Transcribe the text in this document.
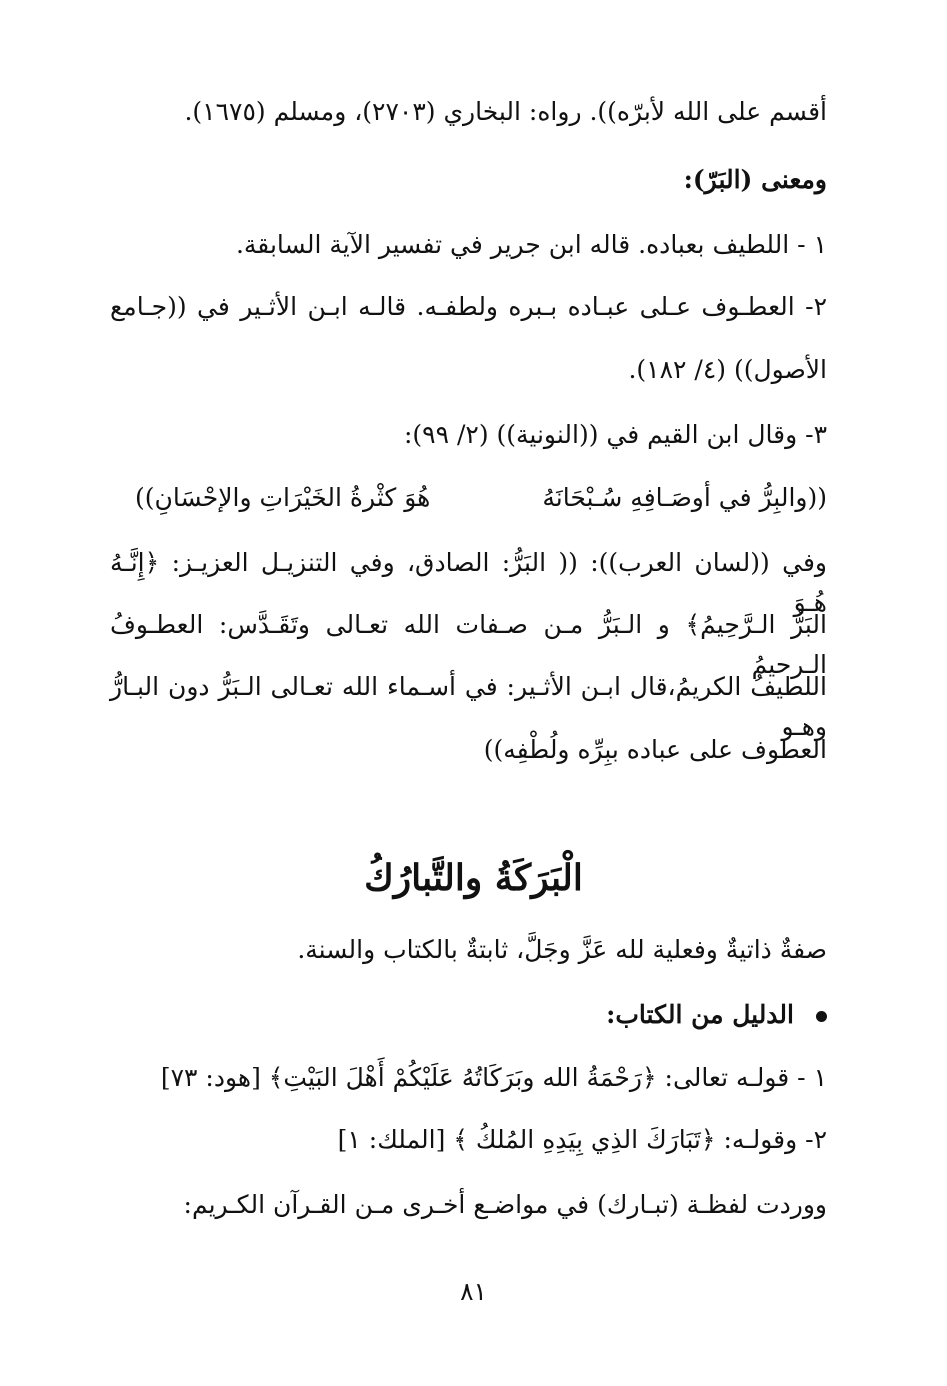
أقسم على الله لأبرّه)). رواه: البخاري (٢٧٠٣)، ومسلم (١٦٧٥).
ومعنى (البَرّ):
١ - اللطيف بعباده. قاله ابن جرير في تفسير الآية السابقة.
٢- العطـوف عـلى عبـاده بـبره ولطفـه. قالـه ابـن الأثـير في ((جـامع
الأصول)) (٤/ ١٨٢).
٣- وقال ابن القيم في ((النونية)) (٢/ ٩٩):
((والبِرُّ في أوصَـافِهِ سُـبْحَانَهُ
هُوَ كثْرةُ الخَيْرَاتِ والإحْسَانِ))
وفي ((لسان العرب)): (( البَرُّ: الصادق، وفي التنزيـل العزيـز: ﴿إِنَّـهُ هُـوَ
البَرُّ الـرَّحِيمُ﴾ و الـبَرُّ مـن صـفات الله تعـالى وتَقَـدَّس: العطـوفُ الـرحيمُ
اللطيفُ الكريمُ،قال ابـن الأثـير: في أسـماء الله تعـالى الـبَرُّ دون البـارُّ وهـو
العطوف على عباده ببِرِّه ولُطْفِه))
الْبَرَكَةُ والتَّبارُكُ
صفةٌ ذاتيةٌ وفعلية لله عَزَّ وجَلَّ، ثابتةٌ بالكتاب والسنة.
الدليل من الكتاب:
١ - قولـه تعالى: ﴿رَحْمَةُ الله وبَرَكَاتُهُ عَلَيْكُمْ أَهْلَ البَيْتِ﴾ [هود: ٧٣]
٢- وقولـه: ﴿تَبَارَكَ الذِي بِيَدِهِ المُلكُ ﴾ [الملك: ١]
ووردت لفظـة (تبـارك) في مواضـع أخـرى مـن القـرآن الكـريم:
٨١
